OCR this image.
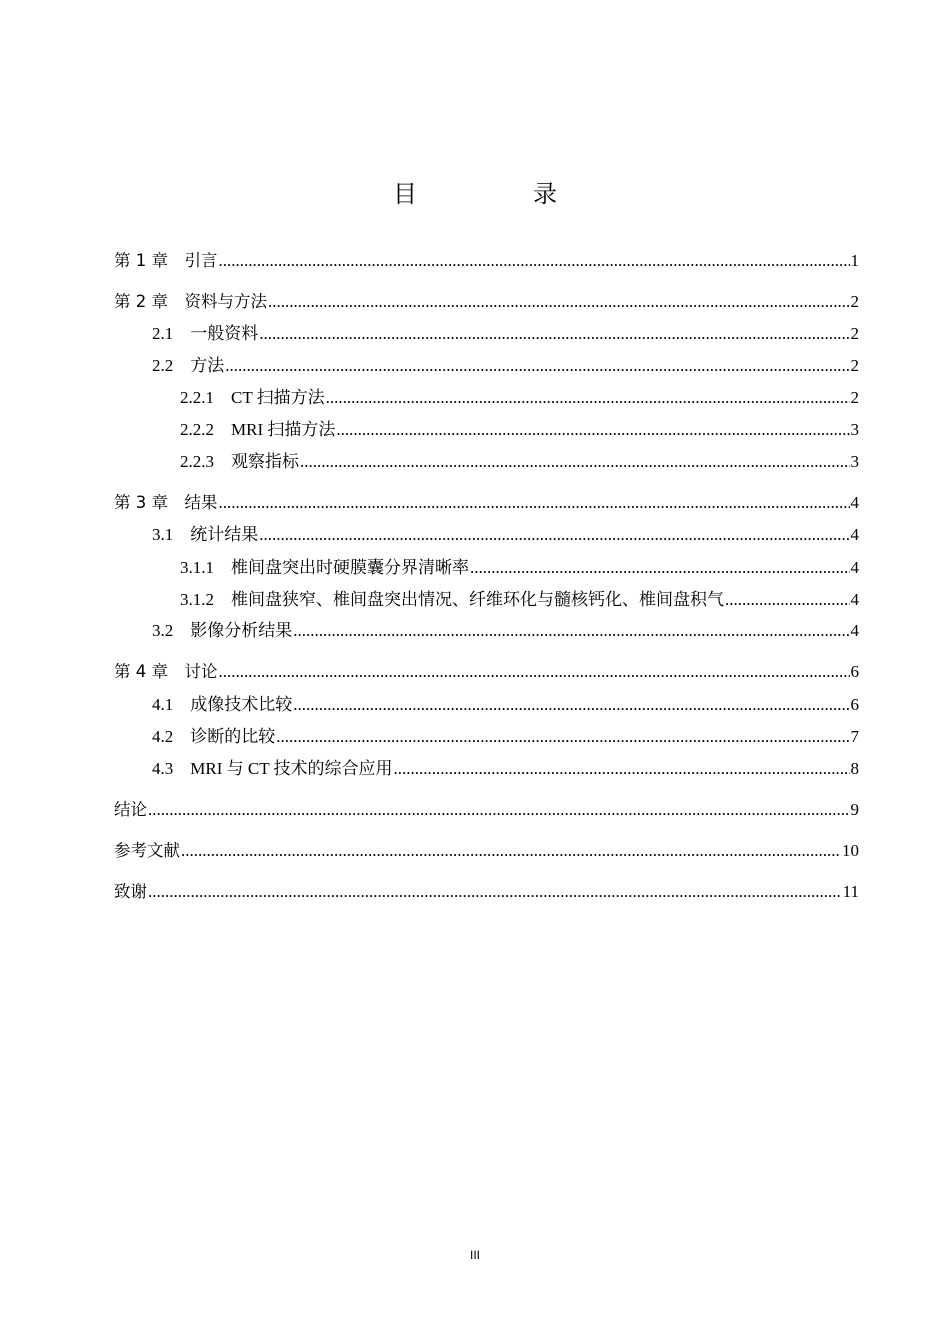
目　录
第 1 章　引言 .....	1
第 2 章　资料与方法 .....	2
2.1　一般资料 .....	2
2.2　方法 .....	2
2.2.1　CT 扫描方法 .....	2
2.2.2　MRI 扫描方法 .....	3
2.2.3　观察指标 .....	3
第 3 章　结果 .....	4
3.1　统计结果 .....	4
3.1.1　椎间盘突出时硬膜囊分界清晰率 .....	4
3.1.2　椎间盘狭窄、椎间盘突出情况、纤维环化与髓核钙化、椎间盘积气 .....	4
3.2　影像分析结果 .....	4
第 4 章　讨论 .....	6
4.1　成像技术比较 .....	6
4.2　诊断的比较 .....	7
4.3　MRI 与 CT 技术的综合应用 .....	8
结论 .....	9
参考文献 .....	10
致谢 .....	11
III
